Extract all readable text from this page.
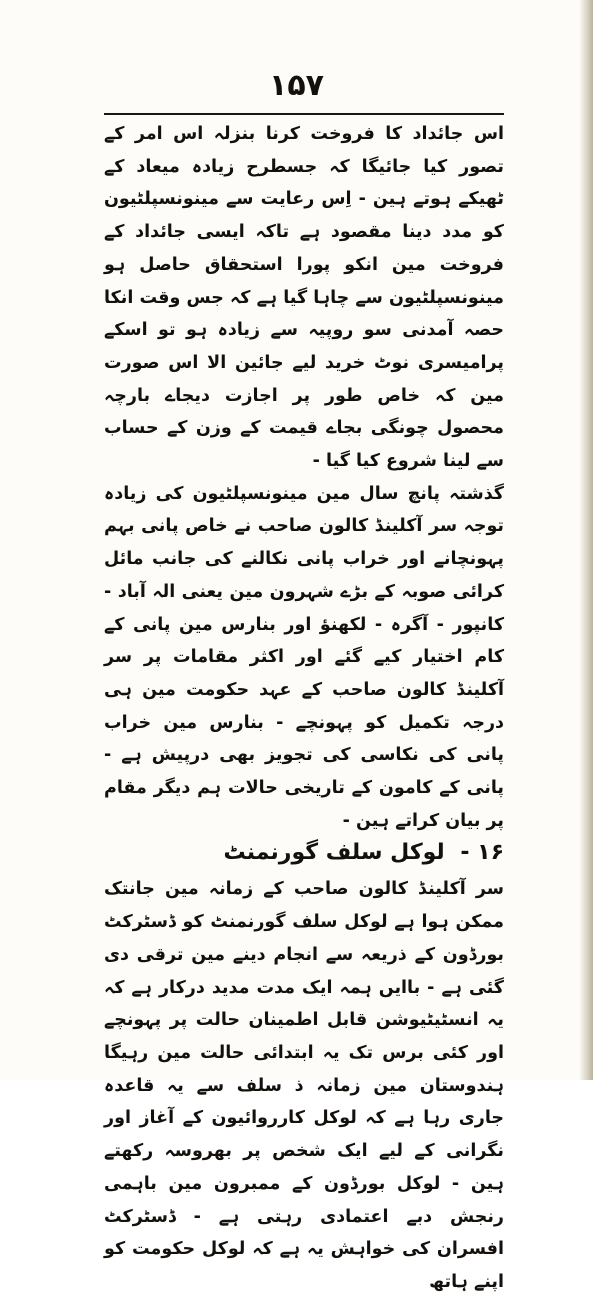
۱۵۷

اس جائداد کا فروخت کرنا بنزلہ اس امر کے تصور کیا جائیگا کہ جسطرح زیادہ میعاد کے ٹھیکے ہوتے ہین - اِس رعایت سے مینونسپلٹیون کو مدد دینا مقصود ہے تاکہ ایسی جائداد کے فروخت مین انکو پورا استحقاق حاصل ہو مینونسپلٹیون سے چاہا گیا ہے کہ جس وقت انکا حصہ آمدنی سو روپیہ سے زیادہ ہو تو اسکے پرامیسری نوٹ خرید لیے جائین الا اس صورت مین کہ خاص طور پر اجازت دیجاے بارچہ محصول چونگی بجاے قیمت کے وزن کے حساب سے لینا شروع کیا گیا -

گذشتہ پانچ سال مین مینونسپلٹیون کی زیادہ توجہ سر آکلینڈ کالون صاحب نے خاص پانی بہم پہونچانے اور خراب پانی نکالنے کی جانب مائل کرائی صوبہ کے بڑے شہرون مین یعنی الہ آباد - کانپور - آگرہ - لکھنؤ اور بنارس مین پانی کے کام اختیار کیے گئے اور اکثر مقامات پر سر آکلینڈ کالون صاحب کے عہد حکومت مین ہی درجہ تکمیل کو پہونچے - بنارس مین خراب پانی کی نکاسی کی تجویز بھی درپیش ہے - پانی کے کامون کے تاریخی حالات ہم دیگر مقام پر بیان کراتے ہین -

۱۶ - لوکل سلف گورنمنٹ

سر آکلینڈ کالون صاحب کے زمانہ مین جانتک ممکن ہوا ہے لوکل سلف گورنمنٹ کو ڈسٹرکٹ بورڈون کے ذریعہ سے انجام دینے مین ترقی دی گئی ہے - باایں ہمہ ایک مدت مدید درکار ہے کہ یہ انسٹیٹیوشن قابل اطمینان حالت پر پہونچے اور کئی برس تک یہ ابتدائی حالت مین رہیگا ہندوستان مین زمانہ ذ سلف سے یہ قاعدہ جاری رہا ہے کہ لوکل کارروائیون کے آغاز اور نگرانی کے لیے ایک شخص پر بھروسہ رکھتے ہین - لوکل بورڈون کے ممبرون مین باہمی رنجش دبے اعتمادی رہتی ہے - ڈسٹرکٹ افسران کی خواہش یہ ہے کہ لوکل حکومت کو اپنے ہاتھ
